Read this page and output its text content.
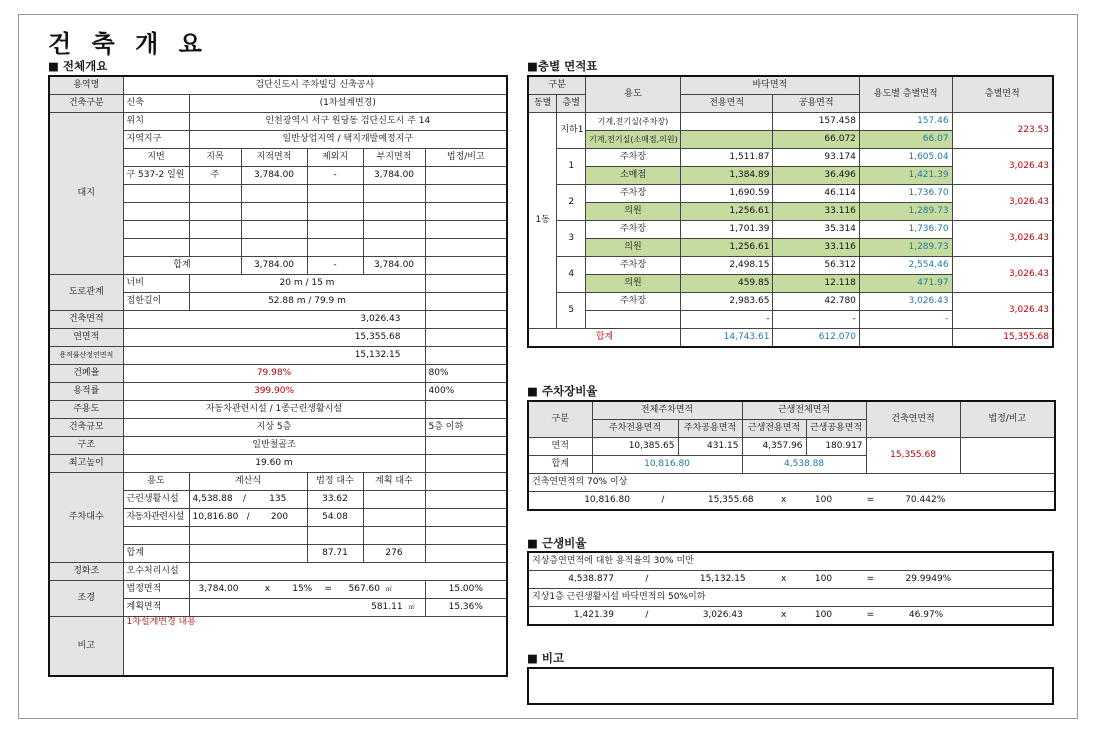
건 축 개 요
■ 전체개요
용역명	검단신도시 주차빌딩 신축공사					
건축구분	신축	(1차설계변경)				
대지	위치	인천광역시 서구 원당동 검단신도시 주 14				
	지역지구	일반상업지역 / 택지개발예정지구				
	지번	지목	지적면적	제외지	부지면적	법정/비고
	구 537-2 일원	주	3,784.00	-	3,784.00	

	합계		3,784.00	-	3,784.00	
도로관계	너비	20 m / 15 m				
	접한길이	52.88 m / 79.9 m				
건축면적	3,026.43					
연면적	15,355.68					
용적률산정연면적	15,132.15					
건폐율	79.98%					80%
용적률	399.90%					400%
주용도	자동차관련시설 / 1종근린생활시설					
건축규모	지상 5층					5층 이하
구조	일반철골조					
최고높이	19.60 m					
주차대수	용도	계산식		법정 대수	계획 대수	
	근린생활시설	4,538.88 / 135		33.62		
	자동차관련시설	10,816.80 / 200		54.08		

	합계			87.71	276	
정화조	오수처리시설					
조경	법정면적	3,784.00 x 15% = 567.60 ㎡				15.00%
	계획면적	581.11 ㎡				15.36%
비고	1차설계변경 내용					
■층별 면적표
구분		용도	바닥면적		용도별 층별면적	층별면적
동별	층별		전용면적	공용면적		
1동	지하1	기계,전기실(주차장)		157.458	157.46	223.53
		기계,전기실(소매점,의원)		66.072	66.07	
	1	주차장	1,511.87	93.174	1,605.04	3,026.43
		소매점	1,384.89	36.496	1,421.39	
	2	주차장	1,690.59	46.114	1,736.70	3,026.43
		의원	1,256.61	33.116	1,289.73	
	3	주차장	1,701.39	35.314	1,736.70	3,026.43
		의원	1,256.61	33.116	1,289.73	
	4	주차장	2,498.15	56.312	2,554.46	3,026.43
		의원	459.85	12.118	471.97	
	5	주차장	2,983.65	42.780	3,026.43	3,026.43
			-	-	-	
합계			14,743.61	612.070		15,355.68
■ 주차장비율
구분	전체주차면적		근생전체면적		건축연면적	법정/비고
	주차전용면적	주차공용면적	근생전용면적	근생공용면적		
면적	10,385.65	431.15	4,357.96	180.917	15,355.68	
합계	10,816.80		4,538.88			
건축연면적의 70% 이상						
10,816.80 / 15,355.68 x 100 = 70.442%						
■ 근생비율
지상층연면적에 대한 용적율의 30% 미만
4,538.877	/	15,132.15	x	100	=	29.9949%
지상1층 근린생활시설 바닥면적의 50%이하
1,421.39	/	3,026.43	x	100	=	46.97%
■ 비고
